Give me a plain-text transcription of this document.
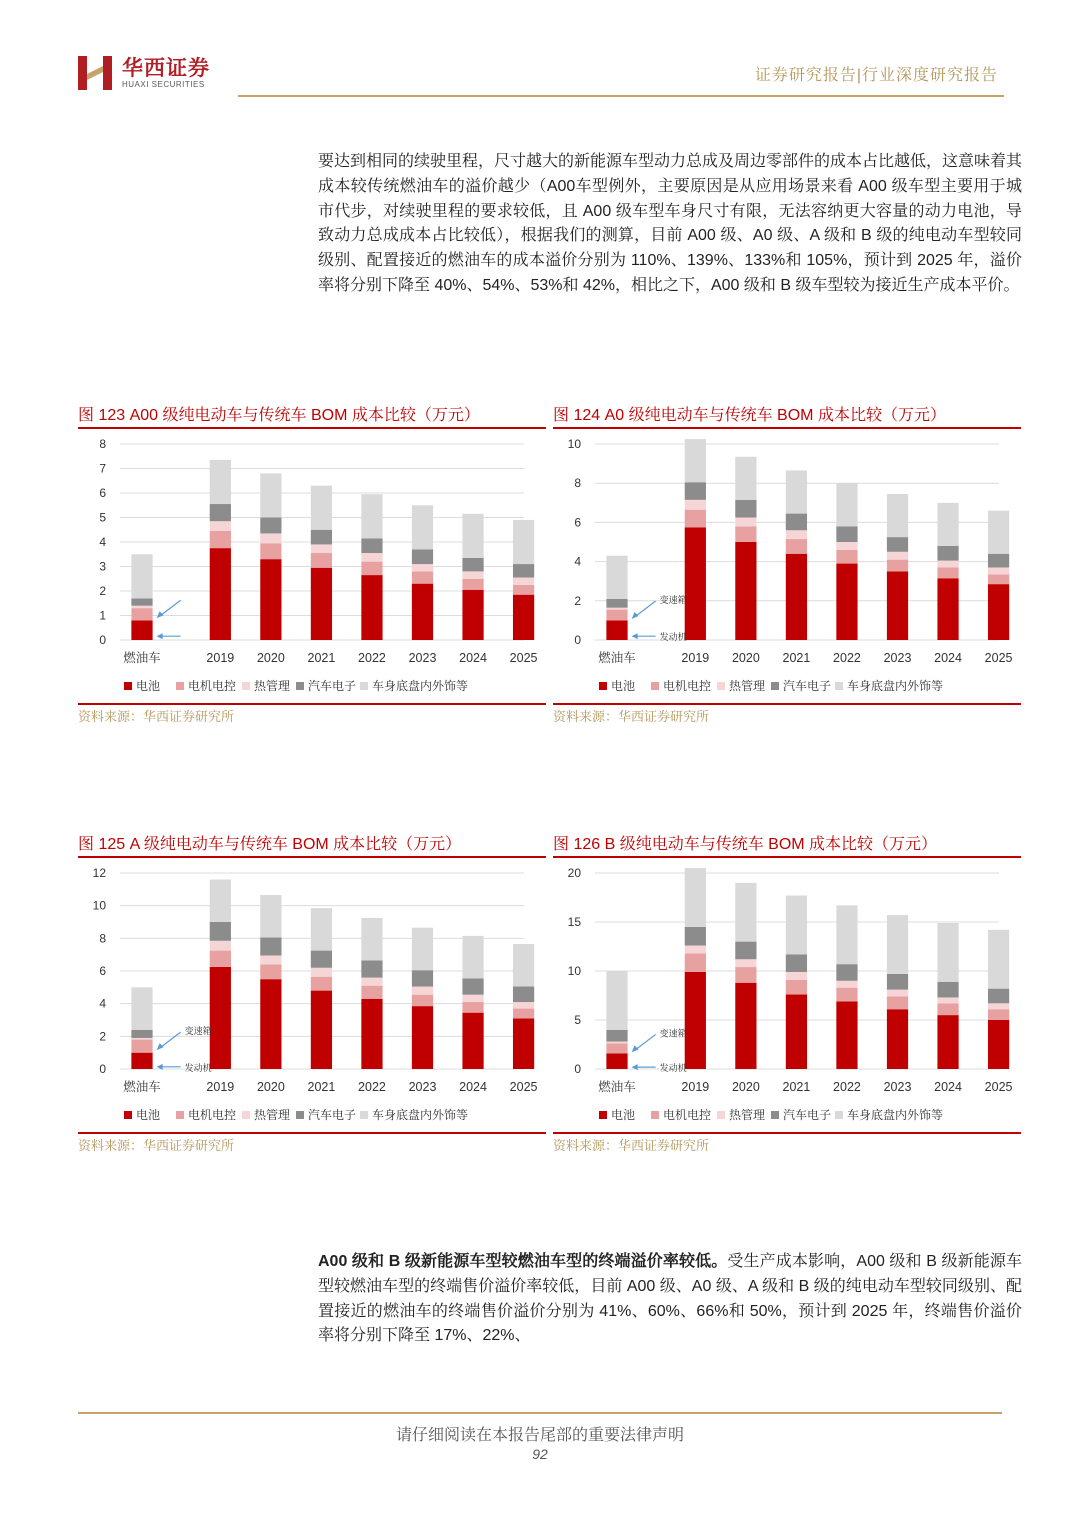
华西证券
HUAXI SECURITIES
证券研究报告|行业深度研究报告
要达到相同的续驶里程，尺寸越大的新能源车型动力总成及周边零部件的成本占比越低，这意味着其成本较传统燃油车的溢价越少（A00车型例外，主要原因是从应用场景来看 A00 级车型主要用于城市代步，对续驶里程的要求较低，且 A00 级车型车身尺寸有限，无法容纳更大容量的动力电池，导致动力总成成本占比较低），根据我们的测算，目前 A00 级、A0 级、A 级和 B 级的纯电动车型较同级别、配置接近的燃油车的成本溢价分别为 110%、139%、133%和 105%，预计到 2025 年，溢价率将分别下降至 40%、54%、53%和 42%，相比之下，A00 级和 B 级车型较为接近生产成本平价。
图 123 A00 级纯电动车与传统车 BOM 成本比较（万元）
0
1
2
3
4
5
6
7
8
燃油车	2019 2020 2021 2022 2023 2024 2025
电池 电机电控 热管理 汽车电子 车身底盘内外饰等
资料来源：华西证券研究所
图 124 A0 级纯电动车与传统车 BOM 成本比较（万元）
0
2
4
6
8
10
燃油车	2019 2020 2021 2022 2023 2024 2025
发动机
变速箱
电池 电机电控 热管理 汽车电子 车身底盘内外饰等
资料来源：华西证券研究所
图 125 A 级纯电动车与传统车 BOM 成本比较（万元）
0
2
4
6
8
10
12
燃油车	2019 2020 2021 2022 2023 2024 2025
发动机
变速箱
电池 电机电控 热管理 汽车电子 车身底盘内外饰等
资料来源：华西证券研究所
图 126 B 级纯电动车与传统车 BOM 成本比较（万元）
0
5
10
15
20
燃油车	2019 2020 2021 2022 2023 2024 2025
发动机
变速箱
电池 电机电控 热管理 汽车电子 车身底盘内外饰等
资料来源：华西证券研究所
A00 级和 B 级新能源车型较燃油车型的终端溢价率较低。受生产成本影响，A00 级和 B 级新能源车型较燃油车型的终端售价溢价率较低，目前 A00 级、A0 级、A 级和 B 级的纯电动车型较同级别、配置接近的燃油车的终端售价溢价分别为 41%、60%、66%和 50%，预计到 2025 年，终端售价溢价率将分别下降至 17%、22%、
请仔细阅读在本报告尾部的重要法律声明
92
